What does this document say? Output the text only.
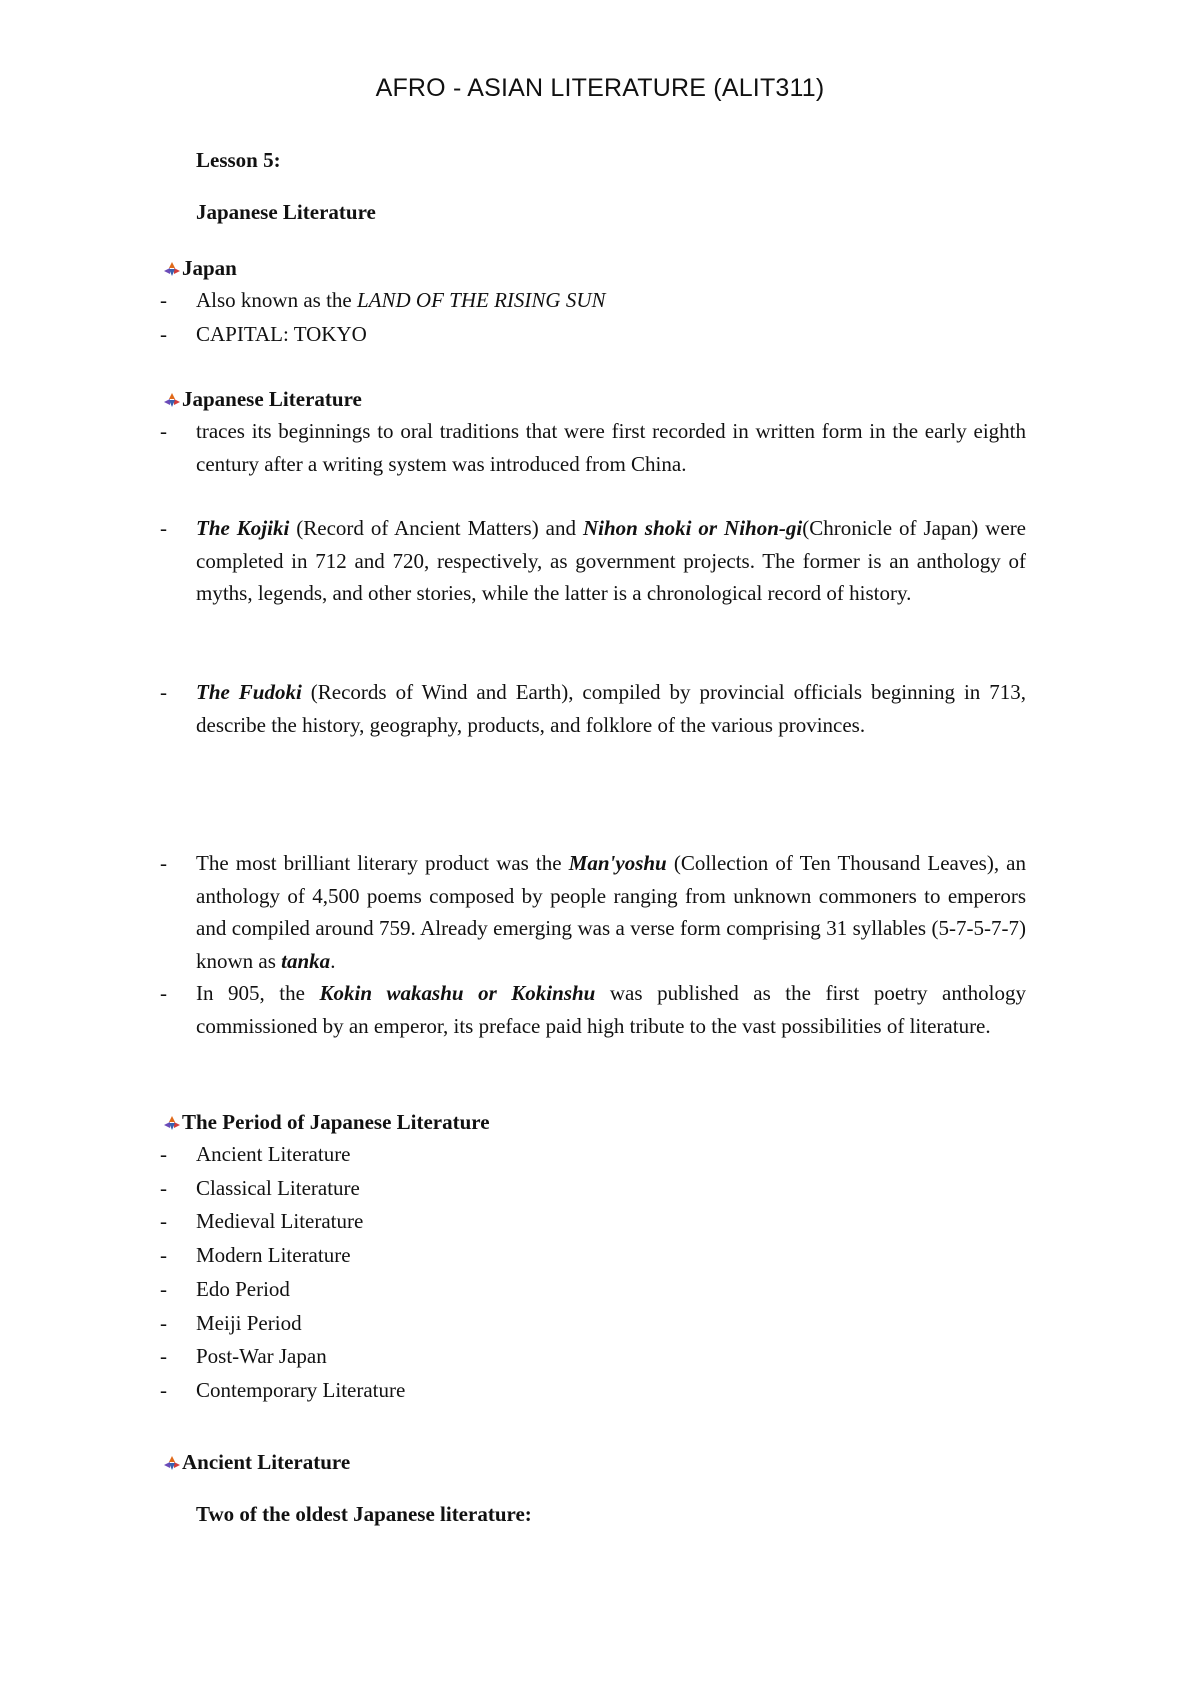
AFRO - ASIAN LITERATURE (ALIT311)
Lesson 5:
Japanese Literature
Japan
-	Also known as the LAND OF THE RISING SUN
-	CAPITAL: TOKYO
Japanese Literature
-	traces its beginnings to oral traditions that were first recorded in written form in the early eighth century after a writing system was introduced from China.
-	The Kojiki (Record of Ancient Matters) and Nihon shoki or Nihon-gi(Chronicle of Japan) were completed in 712 and 720, respectively, as government projects. The former is an anthology of myths, legends, and other stories, while the latter is a chronological record of history.
-	The Fudoki (Records of Wind and Earth), compiled by provincial officials beginning in 713, describe the history, geography, products, and folklore of the various provinces.
-	The most brilliant literary product was the Man'yoshu (Collection of Ten Thousand Leaves), an anthology of 4,500 poems composed by people ranging from unknown commoners to emperors and compiled around 759. Already emerging was a verse form comprising 31 syllables (5-7-5-7-7) known as tanka.
-	In 905, the Kokin wakashu or Kokinshu was published as the first poetry anthology commissioned by an emperor, its preface paid high tribute to the vast possibilities of literature.
The Period of Japanese Literature
-	Ancient Literature
-	Classical Literature
-	Medieval Literature
-	Modern Literature
-	Edo Period
-	Meiji Period
-	Post-War Japan
-	Contemporary Literature
Ancient Literature
Two of the oldest Japanese literature:
